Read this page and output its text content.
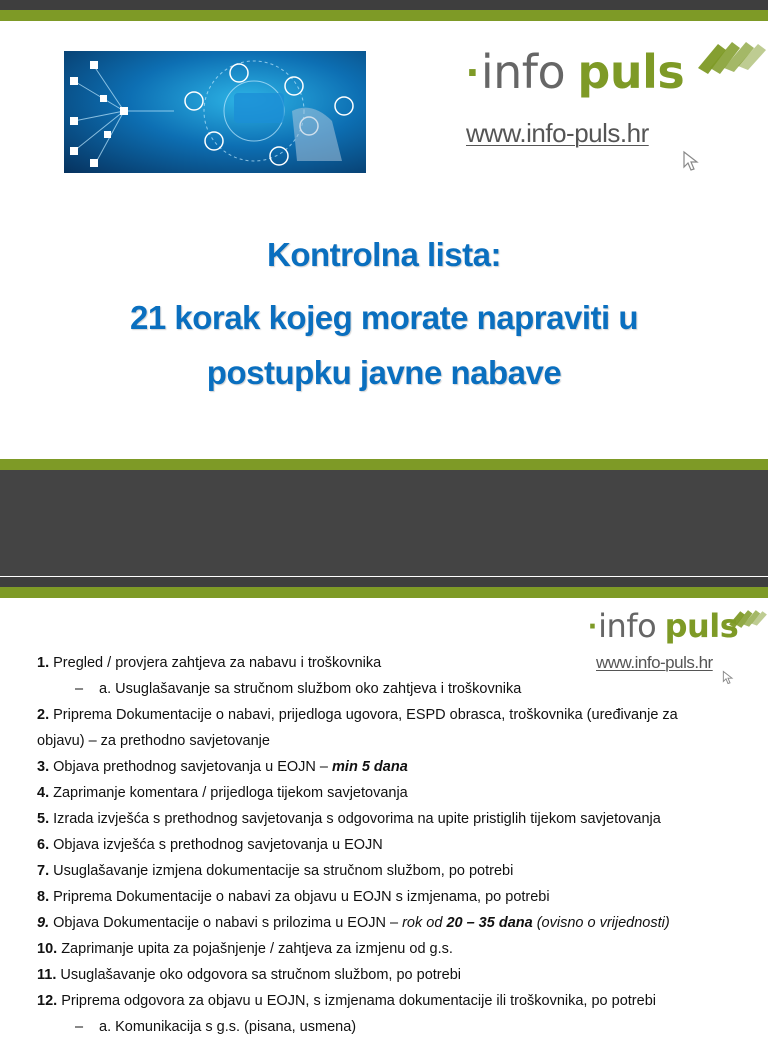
·info puls
www.info-puls.hr
Kontrolna lista:
21 korak kojeg morate napraviti u
postupku javne nabave
·info puls
www.info-puls.hr
1. Pregled / provjera zahtjeva za nabavu i troškovnika
– a. Usuglašavanje sa stručnom službom oko zahtjeva i troškovnika
2. Priprema Dokumentacije o nabavi, prijedloga ugovora, ESPD obrasca, troškovnika (uređivanje za
objavu) – za prethodno savjetovanje
3. Objava prethodnog savjetovanja u EOJN – min 5 dana
4. Zaprimanje komentara / prijedloga tijekom savjetovanja
5. Izrada izvješća s prethodnog savjetovanja s odgovorima na upite pristiglih tijekom savjetovanja
6. Objava izvješća s prethodnog savjetovanja u EOJN
7. Usuglašavanje izmjena dokumentacije sa stručnom službom, po potrebi
8. Priprema Dokumentacije o nabavi za objavu u EOJN s izmjenama, po potrebi
9. Objava Dokumentacije o nabavi s prilozima u EOJN – rok od 20 – 35 dana (ovisno o vrijednosti)
10. Zaprimanje upita za pojašnjenje / zahtjeva za izmjenu od g.s.
11. Usuglašavanje oko odgovora sa stručnom službom, po potrebi
12. Priprema odgovora za objavu u EOJN, s izmjenama dokumentacije ili troškovnika, po potrebi
– a. Komunikacija s g.s. (pisana, usmena)
